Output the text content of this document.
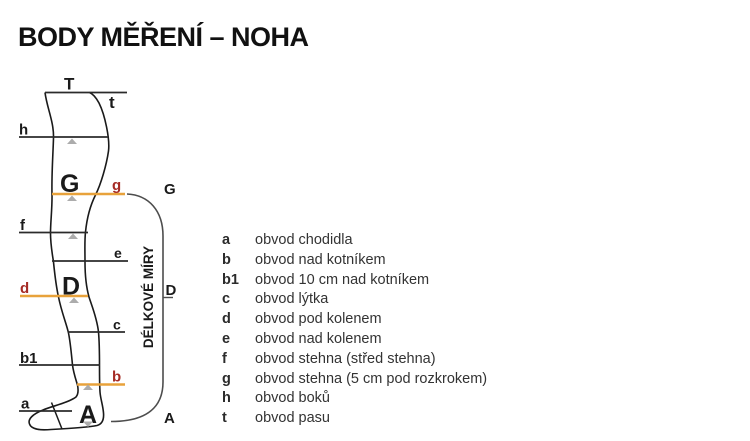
BODY MĚŘENÍ – NOHA
T
t
h
G g	G
f
e
D
d	D
c
b1
b
a A	A
DÉLKOVÉ MÍRY
a	obvod chodidla
b	obvod nad kotníkem
b1	obvod 10 cm nad kotníkem
c	obvod lýtka
d	obvod pod kolenem
e	obvod nad kolenem
f	obvod stehna (střed stehna)
g	obvod stehna (5 cm pod rozkrokem)
h	obvod boků
t	obvod pasu
